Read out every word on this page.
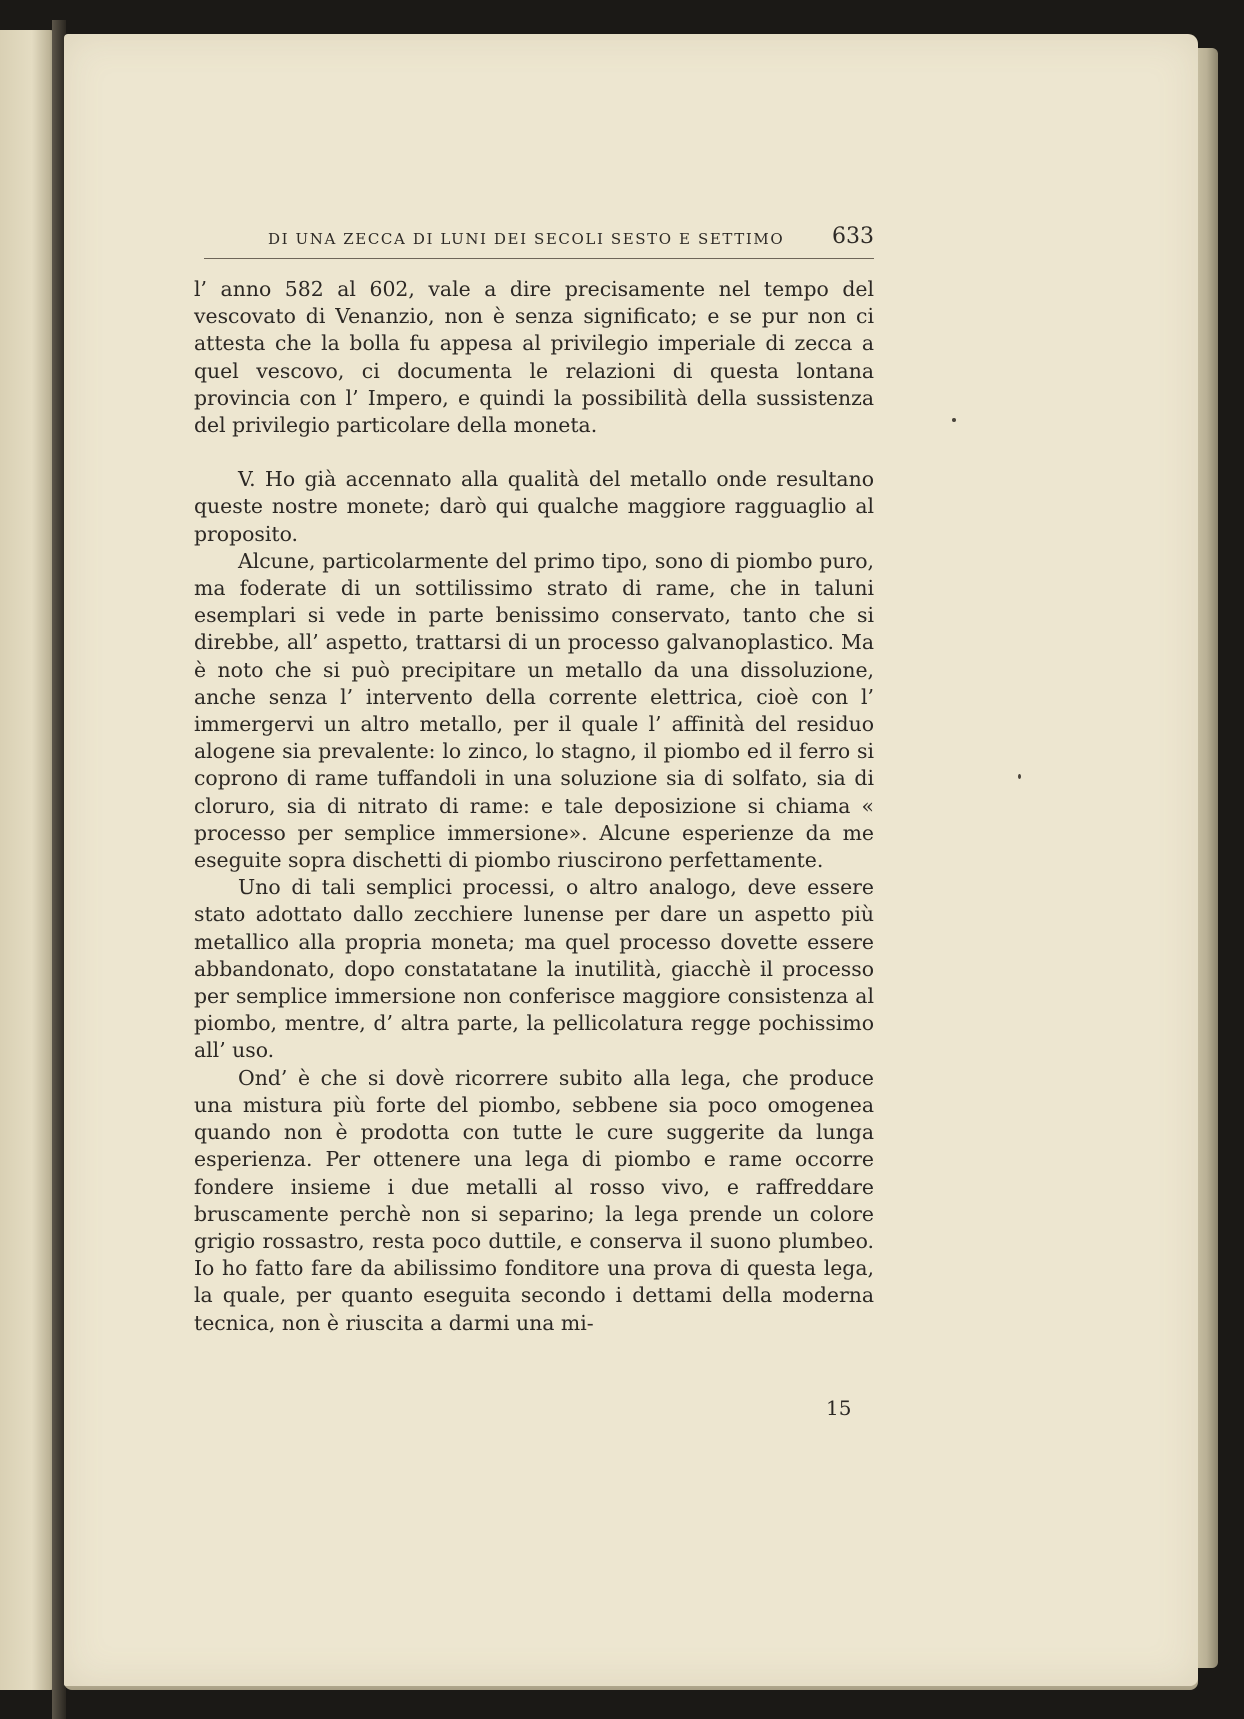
DI UNA ZECCA DI LUNI DEI SECOLI SESTO E SETTIMO 633

l’ anno 582 al 602, vale a dire precisamente nel tempo del vescovato di Venanzio, non è senza significato; e se pur non ci attesta che la bolla fu appesa al privilegio imperiale di zecca a quel vescovo, ci documenta le relazioni di questa lontana provincia con l’ Impero, e quindi la possibilità della sussistenza del privilegio particolare della moneta.

V. Ho già accennato alla qualità del metallo onde resultano queste nostre monete; darò qui qualche maggiore ragguaglio al proposito.

Alcune, particolarmente del primo tipo, sono di piombo puro, ma foderate di un sottilissimo strato di rame, che in taluni esemplari si vede in parte benissimo conservato, tanto che si direbbe, all’ aspetto, trattarsi di un processo galvanoplastico. Ma è noto che si può precipitare un metallo da una dissoluzione, anche senza l’ intervento della corrente elettrica, cioè con l’ immergervi un altro metallo, per il quale l’ affinità del residuo alogene sia prevalente: lo zinco, lo stagno, il piombo ed il ferro si coprono di rame tuffandoli in una soluzione sia di solfato, sia di cloruro, sia di nitrato di rame: e tale deposizione si chiama « processo per semplice immersione». Alcune esperienze da me eseguite sopra dischetti di piombo riuscirono perfettamente.

Uno di tali semplici processi, o altro analogo, deve essere stato adottato dallo zecchiere lunense per dare un aspetto più metallico alla propria moneta; ma quel processo dovette essere abbandonato, dopo constatatane la inutilità, giacchè il processo per semplice immersione non conferisce maggiore consistenza al piombo, mentre, d’ altra parte, la pellicolatura regge pochissimo all’ uso.

Ond’ è che si dovè ricorrere subito alla lega, che produce una mistura più forte del piombo, sebbene sia poco omogenea quando non è prodotta con tutte le cure suggerite da lunga esperienza. Per ottenere una lega di piombo e rame occorre fondere insieme i due metalli al rosso vivo, e raffreddare bruscamente perchè non si separino; la lega prende un colore grigio rossastro, resta poco duttile, e conserva il suono plumbeo. Io ho fatto fare da abilissimo fonditore una prova di questa lega, la quale, per quanto eseguita secondo i dettami della moderna tecnica, non è riuscita a darmi una mi-

15
